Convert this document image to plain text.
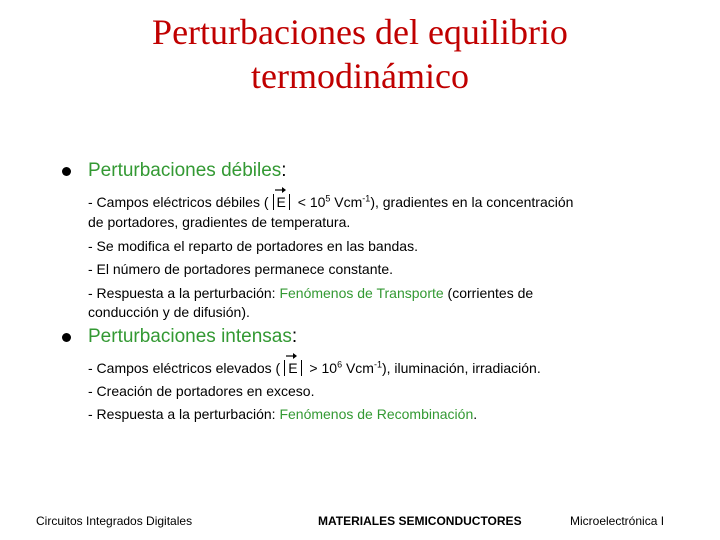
Perturbaciones del equilibrio
termodinámico
Perturbaciones débiles:
- Campos eléctricos débiles ( $E < 10^5$ Vcm$^{-1}$), gradientes en la concentración
de portadores, gradientes de temperatura.
- Se modifica el reparto de portadores en las bandas.
- El número de portadores permanece constante.
- Respuesta a la perturbación: Fenómenos de Transporte (corrientes de
conducción y de difusión).
Perturbaciones intensas:
- Campos eléctricos elevados ( $E > 10^6$ Vcm$^{-1}$), iluminación, irradiación.
- Creación de portadores en exceso.
- Respuesta a la perturbación: Fenómenos de Recombinación.
Circuitos Integrados Digitales	MATERIALES SEMICONDUCTORES	Microelectrónica I
